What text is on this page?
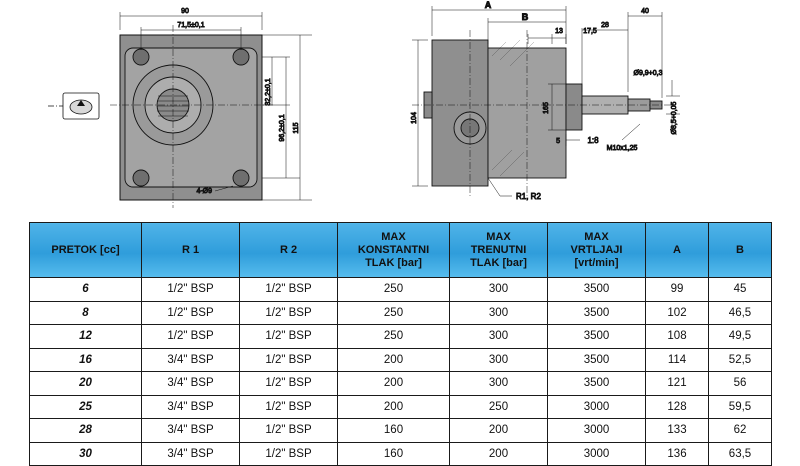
90
71,5±0,1
32,2±0,1
96,2±0,1 115
4-Ø9
A
B
40
28
13	17,5
104
165
Ø9,9+0,3
Ø8,5+0,05
M10x1,25
5	1:8
R1, R2
PRETOK [cc]	R 1	R 2	MAX
KONSTANTNI
TLAK [bar]	MAX
TRENUTNI
TLAK [bar]	MAX
VRTLJAJI
[vrt/min]	A	B

6	1/2" BSP	1/2" BSP	250	300	3500	99	45
8	1/2" BSP	1/2" BSP	250	300	3500	102	46,5
12	1/2" BSP	1/2" BSP	250	300	3500	108	49,5
16	3/4" BSP	1/2" BSP	200	300	3500	114	52,5
20	3/4" BSP	1/2" BSP	200	300	3500	121	56
25	3/4" BSP	1/2" BSP	200	250	3000	128	59,5
28	3/4" BSP	1/2" BSP	160	200	3000	133	62
30	3/4" BSP	1/2" BSP	160	200	3000	136	63,5
